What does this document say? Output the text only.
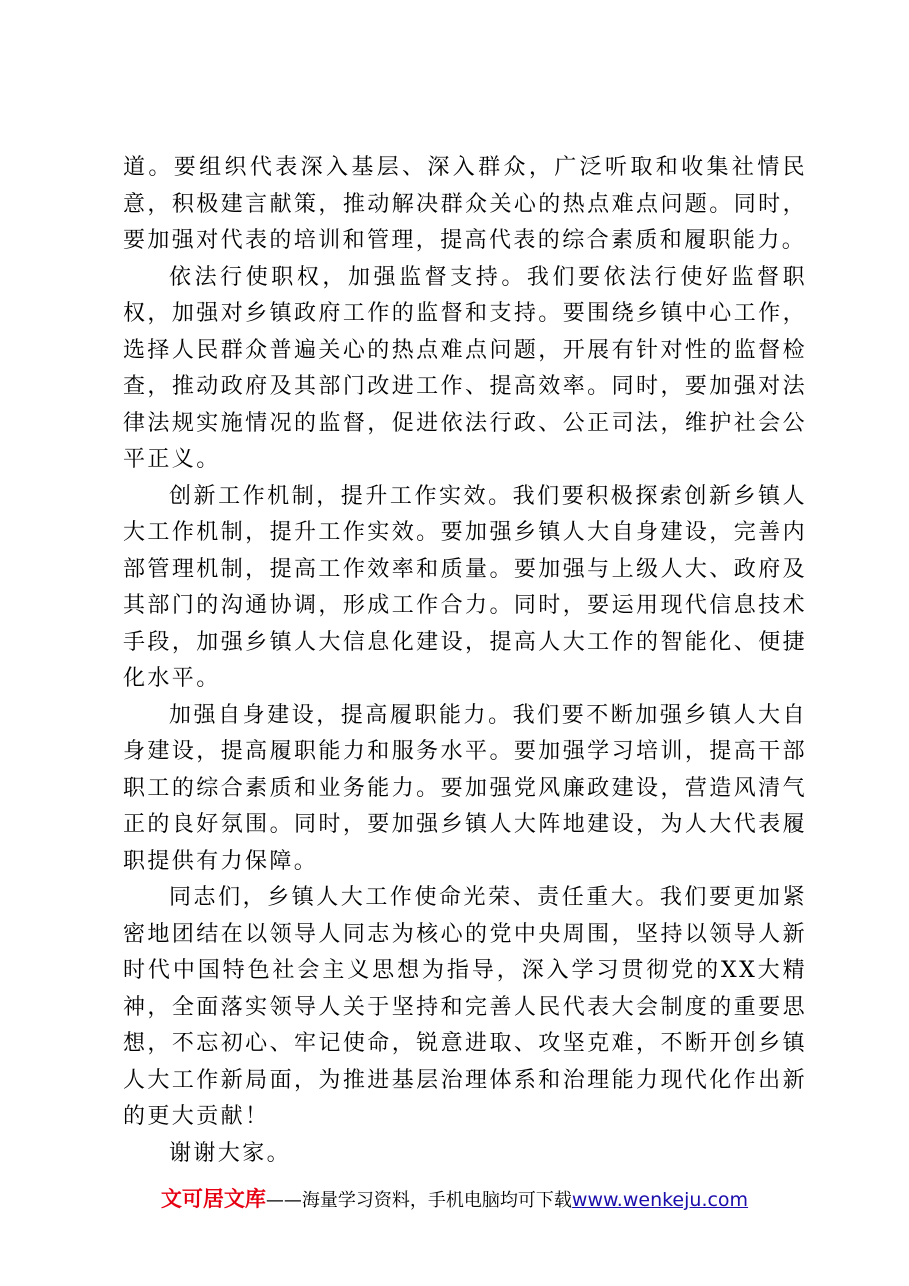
道。要组织代表深入基层、深入群众，广泛听取和收集社情民意，积极建言献策，推动解决群众关心的热点难点问题。同时，要加强对代表的培训和管理，提高代表的综合素质和履职能力。

依法行使职权，加强监督支持。我们要依法行使好监督职权，加强对乡镇政府工作的监督和支持。要围绕乡镇中心工作，选择人民群众普遍关心的热点难点问题，开展有针对性的监督检查，推动政府及其部门改进工作、提高效率。同时，要加强对法律法规实施情况的监督，促进依法行政、公正司法，维护社会公平正义。

创新工作机制，提升工作实效。我们要积极探索创新乡镇人大工作机制，提升工作实效。要加强乡镇人大自身建设，完善内部管理机制，提高工作效率和质量。要加强与上级人大、政府及其部门的沟通协调，形成工作合力。同时，要运用现代信息技术手段，加强乡镇人大信息化建设，提高人大工作的智能化、便捷化水平。

加强自身建设，提高履职能力。我们要不断加强乡镇人大自身建设，提高履职能力和服务水平。要加强学习培训，提高干部职工的综合素质和业务能力。要加强党风廉政建设，营造风清气正的良好氛围。同时，要加强乡镇人大阵地建设，为人大代表履职提供有力保障。

同志们，乡镇人大工作使命光荣、责任重大。我们要更加紧密地团结在以领导人同志为核心的党中央周围，坚持以领导人新时代中国特色社会主义思想为指导，深入学习贯彻党的XX大精神，全面落实领导人关于坚持和完善人民代表大会制度的重要思想，不忘初心、牢记使命，锐意进取、攻坚克难，不断开创乡镇人大工作新局面，为推进基层治理体系和治理能力现代化作出新的更大贡献！

谢谢大家。

文可居文库——海量学习资料，手机电脑均可下载www.wenkeju.com
